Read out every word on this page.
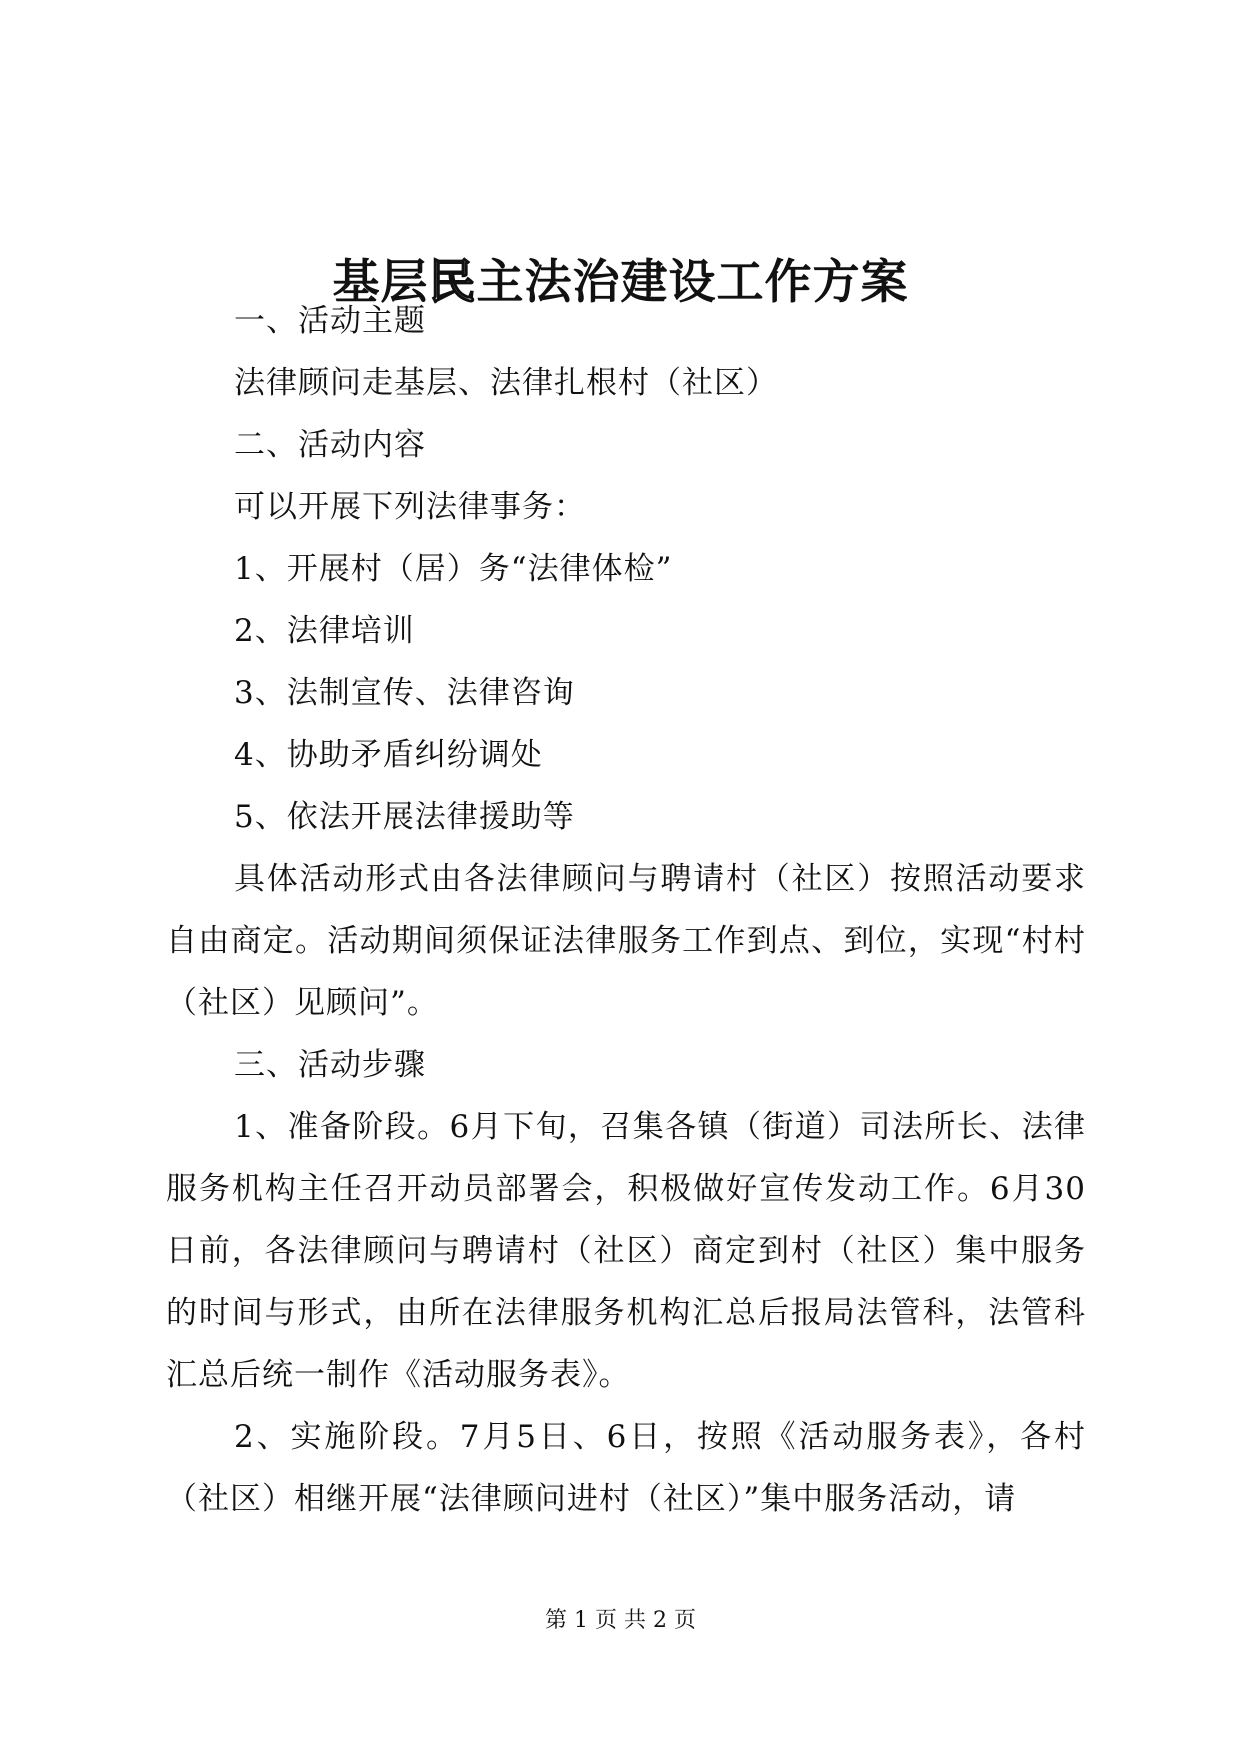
基层民主法治建设工作方案

一、活动主题

法律顾问走基层、法律扎根村（社区）

二、活动内容

可以开展下列法律事务：

1、开展村（居）务“法律体检”

2、法律培训

3、法制宣传、法律咨询

4、协助矛盾纠纷调处

5、依法开展法律援助等

具体活动形式由各法律顾问与聘请村（社区）按照活动要求自由商定。活动期间须保证法律服务工作到点、到位，实现“村村（社区）见顾问”。

三、活动步骤

1、准备阶段。6月下旬，召集各镇（街道）司法所长、法律服务机构主任召开动员部署会，积极做好宣传发动工作。6月30日前，各法律顾问与聘请村（社区）商定到村（社区）集中服务的时间与形式，由所在法律服务机构汇总后报局法管科，法管科汇总后统一制作《活动服务表》。

2、实施阶段。7月5日、6日，按照《活动服务表》，各村（社区）相继开展“法律顾问进村（社区）”集中服务活动，请

第 1 页 共 2 页
